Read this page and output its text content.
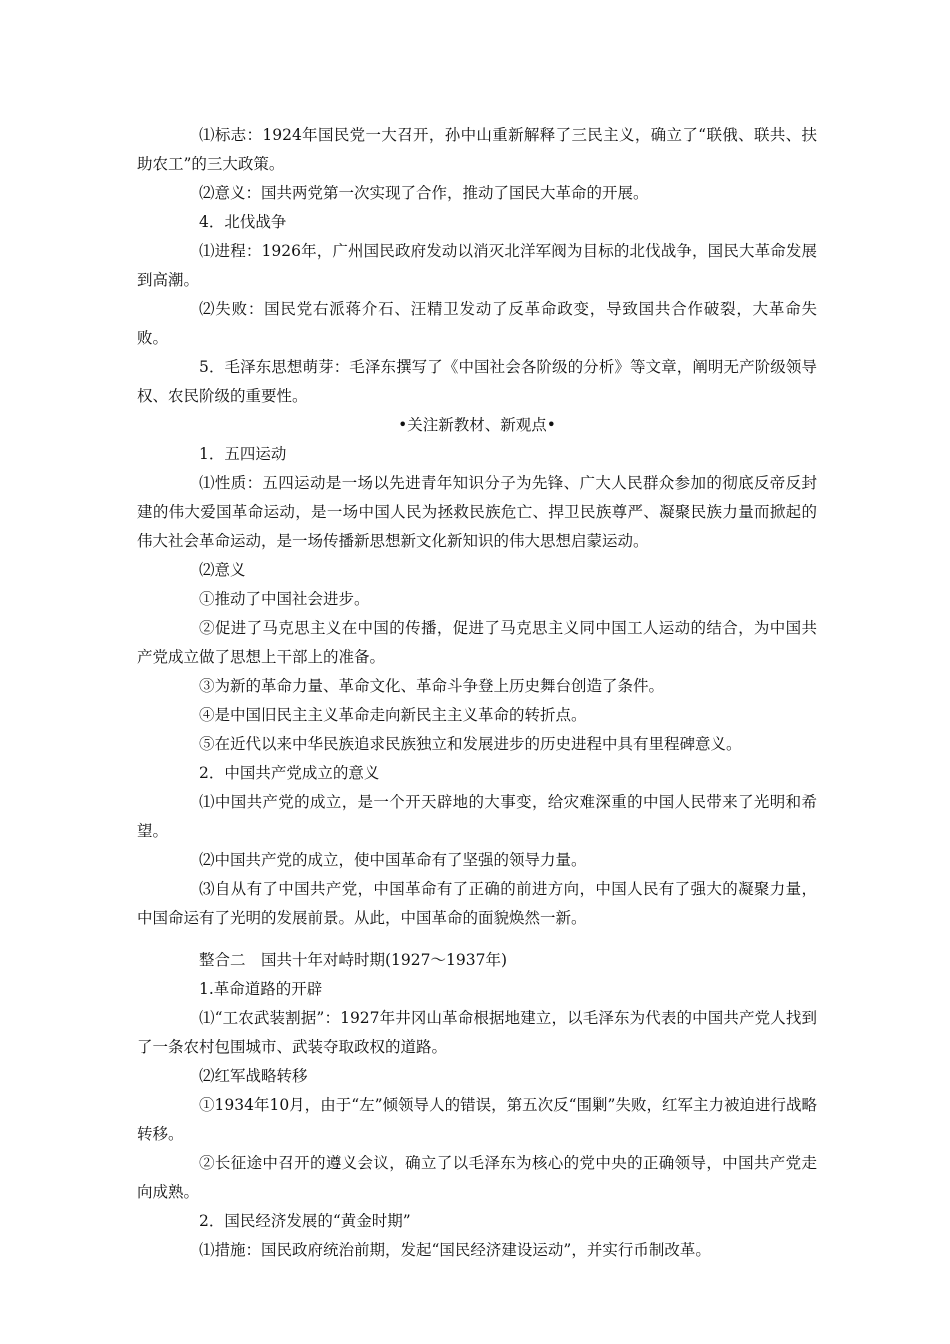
⑴标志：1924年国民党一大召开，孙中山重新解释了三民主义，确立了“联俄、联共、扶助农工”的三大政策。

⑵意义：国共两党第一次实现了合作，推动了国民大革命的开展。

4．北伐战争

⑴进程：1926年，广州国民政府发动以消灭北洋军阀为目标的北伐战争，国民大革命发展到高潮。

⑵失败：国民党右派蒋介石、汪精卫发动了反革命政变，导致国共合作破裂，大革命失败。

5．毛泽东思想萌芽：毛泽东撰写了《中国社会各阶级的分析》等文章，阐明无产阶级领导权、农民阶级的重要性。

•关注新教材、新观点•

1．五四运动

⑴性质：五四运动是一场以先进青年知识分子为先锋、广大人民群众参加的彻底反帝反封建的伟大爱国革命运动，是一场中国人民为拯救民族危亡、捍卫民族尊严、凝聚民族力量而掀起的伟大社会革命运动，是一场传播新思想新文化新知识的伟大思想启蒙运动。

⑵意义

①推动了中国社会进步。

②促进了马克思主义在中国的传播，促进了马克思主义同中国工人运动的结合，为中国共产党成立做了思想上干部上的准备。

③为新的革命力量、革命文化、革命斗争登上历史舞台创造了条件。

④是中国旧民主主义革命走向新民主主义革命的转折点。

⑤在近代以来中华民族追求民族独立和发展进步的历史进程中具有里程碑意义。

2．中国共产党成立的意义

⑴中国共产党的成立，是一个开天辟地的大事变，给灾难深重的中国人民带来了光明和希望。

⑵中国共产党的成立，使中国革命有了坚强的领导力量。

⑶自从有了中国共产党，中国革命有了正确的前进方向，中国人民有了强大的凝聚力量，中国命运有了光明的发展前景。从此，中国革命的面貌焕然一新。

整合二　国共十年对峙时期(1927～1937年)

1.革命道路的开辟

⑴“工农武装割据”：1927年井冈山革命根据地建立，以毛泽东为代表的中国共产党人找到了一条农村包围城市、武装夺取政权的道路。

⑵红军战略转移

①1934年10月，由于“左”倾领导人的错误，第五次反“围剿”失败，红军主力被迫进行战略转移。

②长征途中召开的遵义会议，确立了以毛泽东为核心的党中央的正确领导，中国共产党走向成熟。

2．国民经济发展的“黄金时期”

⑴措施：国民政府统治前期，发起“国民经济建设运动”，并实行币制改革。
